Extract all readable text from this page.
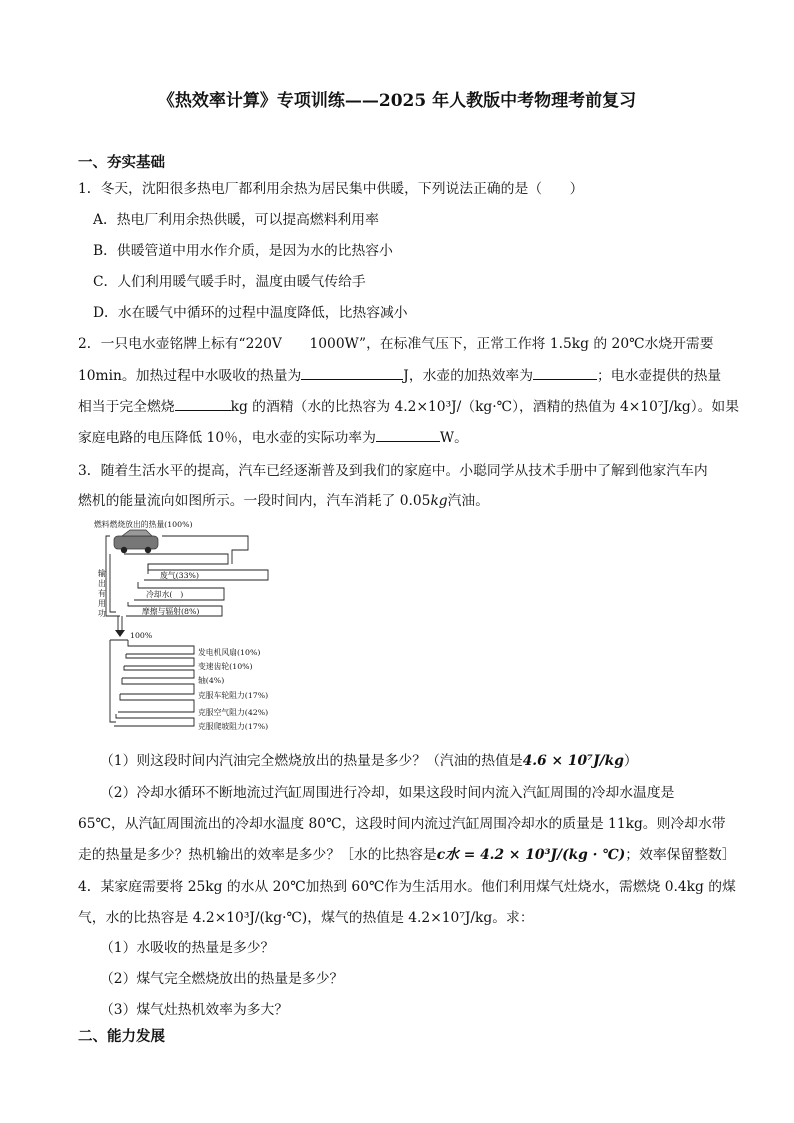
《热效率计算》专项训练——2025 年人教版中考物理考前复习
一、夯实基础
1．冬天，沈阳很多热电厂都利用余热为居民集中供暖，下列说法正确的是（　　）
A．热电厂利用余热供暖，可以提高燃料利用率
B．供暖管道中用水作介质，是因为水的比热容小
C．人们利用暖气暖手时，温度由暖气传给手
D．水在暖气中循环的过程中温度降低，比热容减小
2．一只电水壶铭牌上标有“220V　　1000W”，在标准气压下，正常工作将 1.5kg 的 20℃水烧开需要
10min。加热过程中水吸收的热量为	J，水壶的加热效率为	；电水壶提供的热量
相当于完全燃烧	kg 的酒精（水的比热容为 4.2×10³J/（kg·℃），酒精的热值为 4×10⁷J/kg）。如果
家庭电路的电压降低 10％，电水壶的实际功率为	W。
3．随着生活水平的提高，汽车已经逐渐普及到我们的家庭中。小聪同学从技术手册中了解到他家汽车内
燃机的能量流向如图所示。一段时间内，汽车消耗了 0.05kg汽油。
燃料燃烧放出的热量(100%)
废气(33%)
冷却水(　)
摩擦与辐射(8%)
输
出
有
用
功
100%
发电机风扇(10%)
变速齿轮(10%)
轴(4%)
克服车轮阻力(17%)
克服空气阻力(42%)
克服爬坡阻力(17%)
（1）则这段时间内汽油完全燃烧放出的热量是多少？（汽油的热值是4.6 × 10⁷J/kg）
（2）冷却水循环不断地流过汽缸周围进行冷却，如果这段时间内流入汽缸周围的冷却水温度是
65℃，从汽缸周围流出的冷却水温度 80℃，这段时间内流过汽缸周围冷却水的质量是 11kg。则冷却水带
走的热量是多少？热机输出的效率是多少？［水的比热容是c水 = 4.2 × 10³J/(kg · ℃)；效率保留整数］
4．某家庭需要将 25kg 的水从 20℃加热到 60℃作为生活用水。他们利用煤气灶烧水，需燃烧 0.4kg 的煤
气，水的比热容是 4.2×10³J/(kg·℃)，煤气的热值是 4.2×10⁷J/kg。求：
（1）水吸收的热量是多少？
（2）煤气完全燃烧放出的热量是多少？
（3）煤气灶热机效率为多大？
二、能力发展
